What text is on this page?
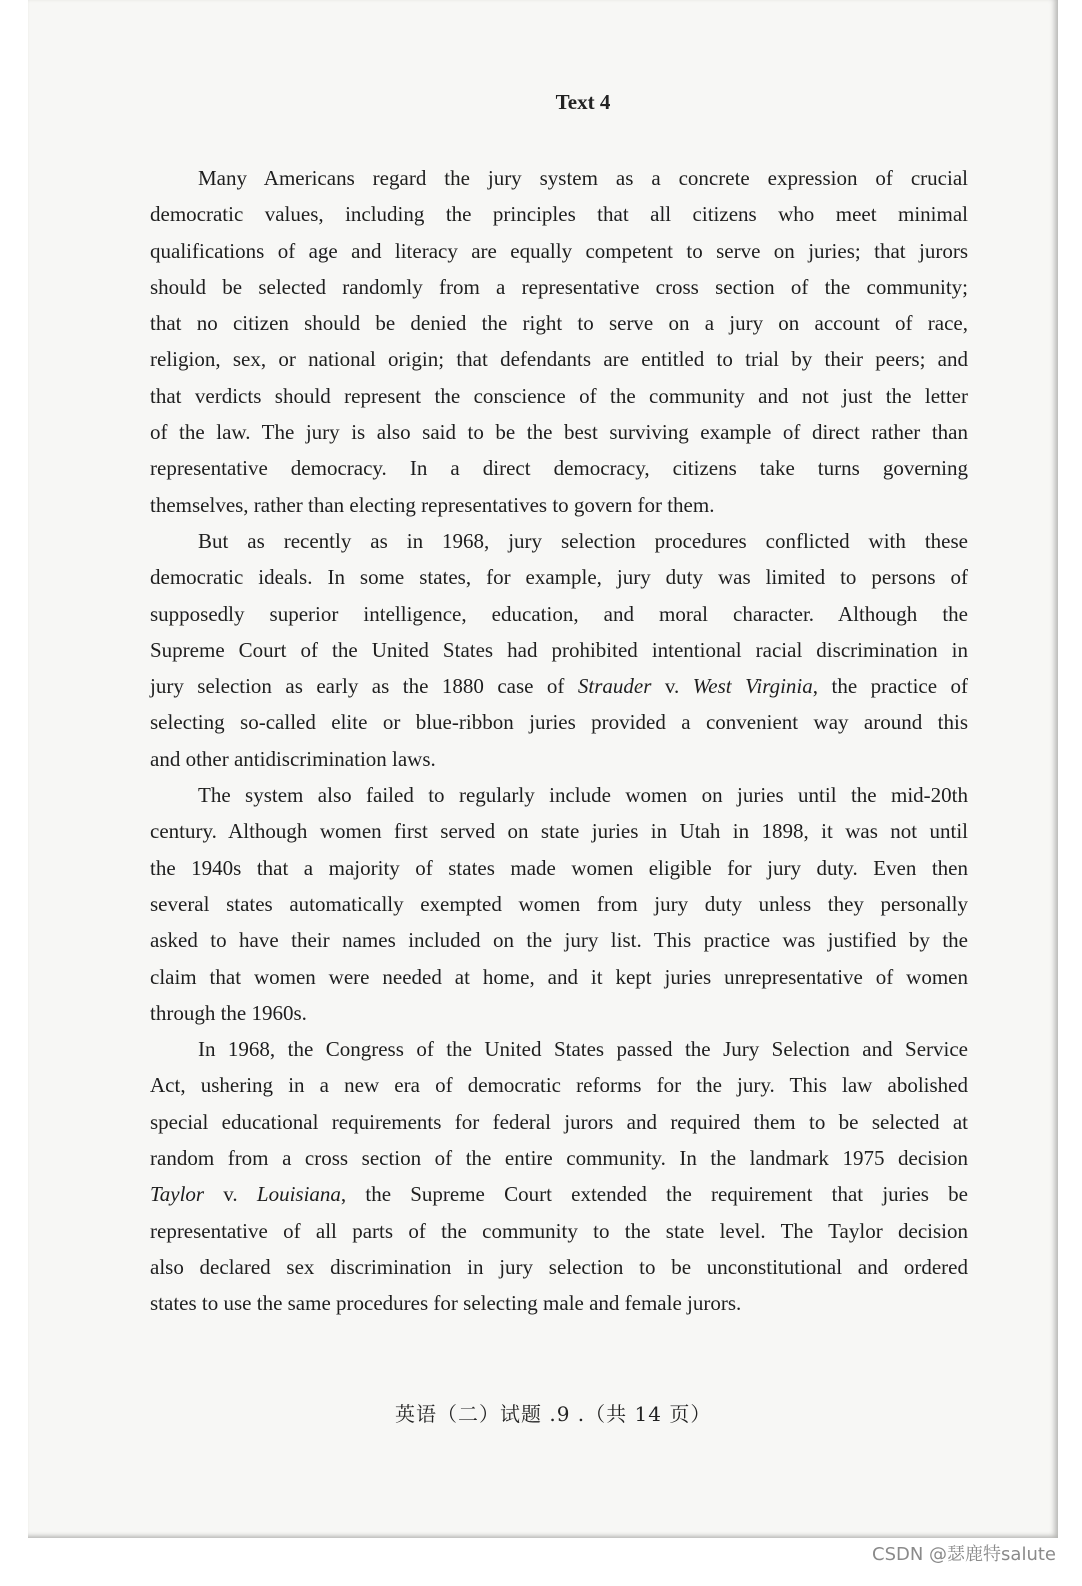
Text 4
Many Americans regard the jury system as a concrete expression of crucial
democratic values, including the principles that all citizens who meet minimal
qualifications of age and literacy are equally competent to serve on juries; that jurors
should be selected randomly from a representative cross section of the community;
that no citizen should be denied the right to serve on a jury on account of race,
religion, sex, or national origin; that defendants are entitled to trial by their peers; and
that verdicts should represent the conscience of the community and not just the letter
of the law. The jury is also said to be the best surviving example of direct rather than
representative democracy. In a direct democracy, citizens take turns governing
themselves, rather than electing representatives to govern for them.
But as recently as in 1968, jury selection procedures conflicted with these
democratic ideals. In some states, for example, jury duty was limited to persons of
supposedly superior intelligence, education, and moral character. Although the
Supreme Court of the United States had prohibited intentional racial discrimination in
jury selection as early as the 1880 case of Strauder v. West Virginia, the practice of
selecting so-called elite or blue-ribbon juries provided a convenient way around this
and other antidiscrimination laws.
The system also failed to regularly include women on juries until the mid-20th
century. Although women first served on state juries in Utah in 1898, it was not until
the 1940s that a majority of states made women eligible for jury duty. Even then
several states automatically exempted women from jury duty unless they personally
asked to have their names included on the jury list. This practice was justified by the
claim that women were needed at home, and it kept juries unrepresentative of women
through the 1960s.
In 1968, the Congress of the United States passed the Jury Selection and Service
Act, ushering in a new era of democratic reforms for the jury. This law abolished
special educational requirements for federal jurors and required them to be selected at
random from a cross section of the entire community. In the landmark 1975 decision
Taylor v. Louisiana, the Supreme Court extended the requirement that juries be
representative of all parts of the community to the state level. The Taylor decision
also declared sex discrimination in jury selection to be unconstitutional and ordered
states to use the same procedures for selecting male and female jurors.
英语（二）试题 .9 .（共 14 页）
CSDN @瑟鹿特salute
